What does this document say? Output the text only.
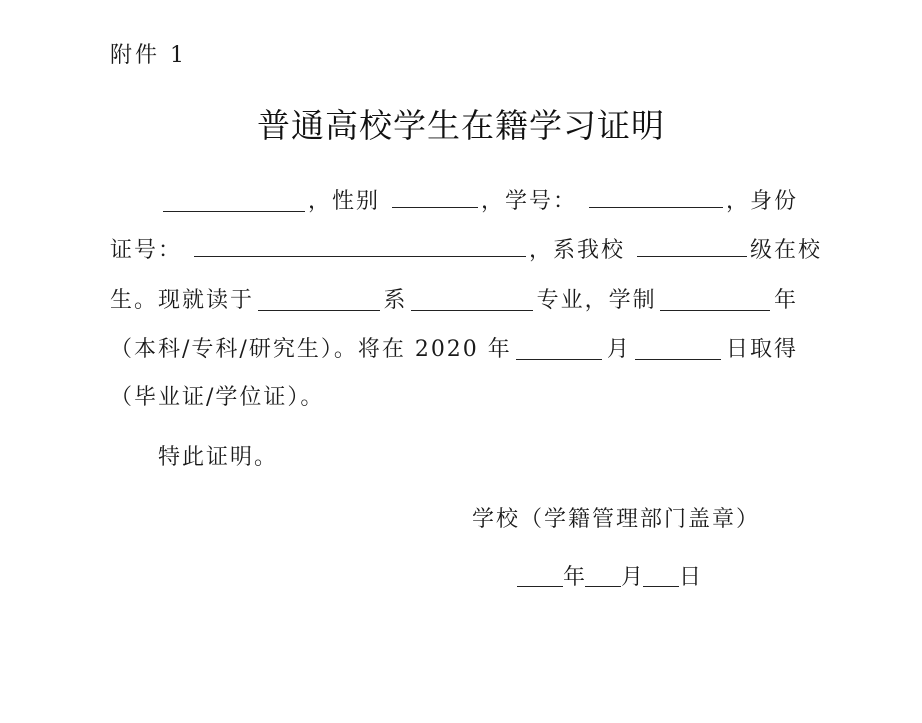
附件 1
普通高校学生在籍学习证明
，性别	，学号：	，身份
证号：	，系我校	级在校
生。现就读于	系	专业，学制	年
（本科/专科/研究生）。将在 2020 年	月	日取得
（毕业证/学位证）。
特此证明。
学校（学籍管理部门盖章）
年 月 日
